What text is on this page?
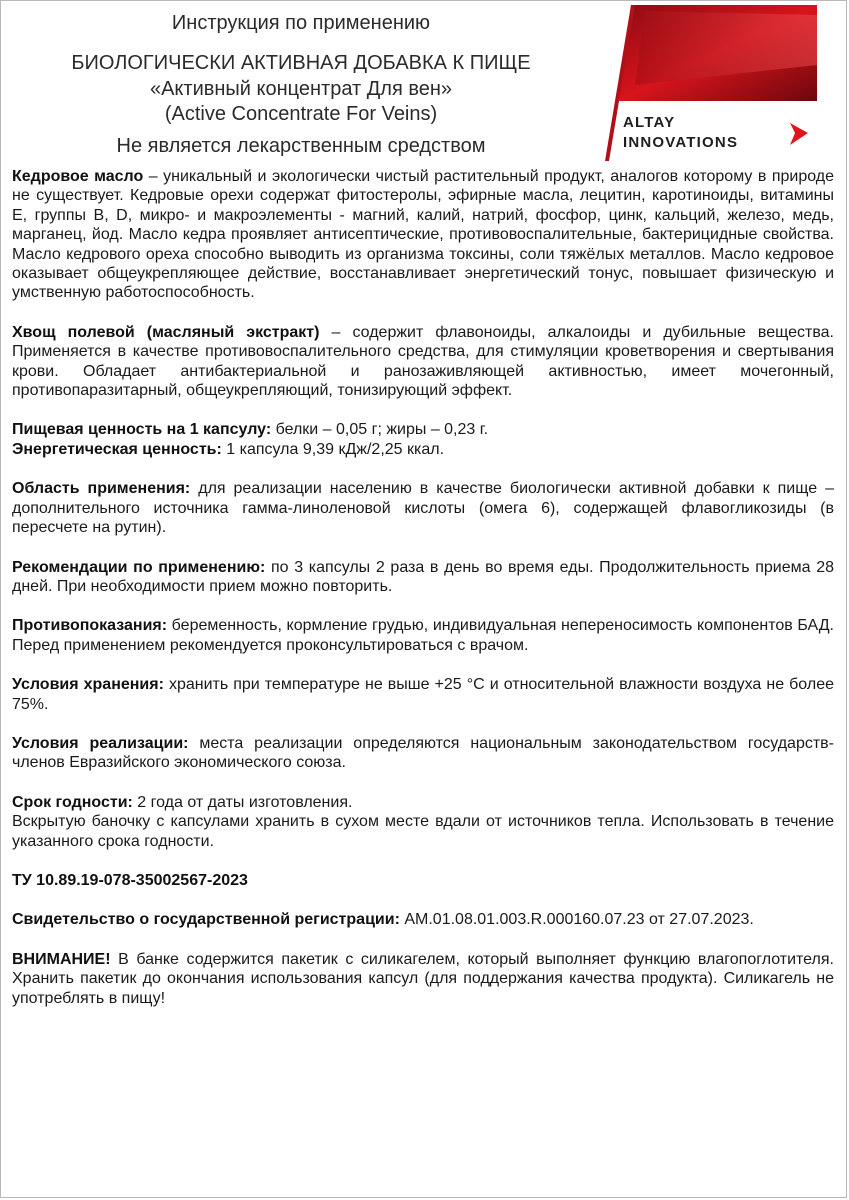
Инструкция по применению
БИОЛОГИЧЕСКИ АКТИВНАЯ ДОБАВКА К ПИЩЕ
«Активный концентрат Для вен»
(Active Concentrate For Veins)
Не является лекарственным средством
ALTAY
INNOVATIONS

Кедровое масло – уникальный и экологически чистый растительный продукт, аналогов которому в природе не существует. Кедровые орехи содержат фитостеролы, эфирные масла, лецитин, каротиноиды, витамины Е, группы В, D, микро- и макроэлементы - магний, калий, натрий, фосфор, цинк, кальций, железо, медь, марганец, йод. Масло кедра проявляет антисептические, противовоспалительные, бактерицидные свойства. Масло кедрового ореха способно выводить из организма токсины, соли тяжёлых металлов. Масло кедровое оказывает общеукрепляющее действие, восстанавливает энергетический тонус, повышает физическую и умственную работоспособность.

Хвощ полевой (масляный экстракт) – содержит флавоноиды, алкалоиды и дубильные вещества. Применяется в качестве противовоспалительного средства, для стимуляции кроветворения и свертывания крови. Обладает антибактериальной и ранозаживляющей активностью, имеет мочегонный, противопаразитарный, общеукрепляющий, тонизирующий эффект.

Пищевая ценность на 1 капсулу: белки – 0,05 г; жиры – 0,23 г.

Энергетическая ценность: 1 капсула 9,39 кДж/2,25 ккал.

Область применения: для реализации населению в качестве биологически активной добавки к пище – дополнительного источника гамма-линоленовой кислоты (омега 6), содержащей флавогликозиды (в пересчете на рутин).

Рекомендации по применению: по 3 капсулы 2 раза в день во время еды. Продолжительность приема 28 дней. При необходимости прием можно повторить.

Противопоказания: беременность, кормление грудью, индивидуальная непереносимость компонентов БАД. Перед применением рекомендуется проконсультироваться с врачом.

Условия хранения: хранить при температуре не выше +25 °С и относительной влажности воздуха не более 75%.

Условия реализации: места реализации определяются национальным законодательством государств-членов Евразийского экономического союза.

Срок годности: 2 года от даты изготовления.

Вскрытую баночку с капсулами хранить в сухом месте вдали от источников тепла. Использовать в течение указанного срока годности.

ТУ 10.89.19-078-35002567-2023

Свидетельство о государственной регистрации: АМ.01.08.01.003.R.000160.07.23 от 27.07.2023.

ВНИМАНИЕ! В банке содержится пакетик с силикагелем, который выполняет функцию влагопоглотителя. Хранить пакетик до окончания использования капсул (для поддержания качества продукта). Силикагель не употреблять в пищу!
